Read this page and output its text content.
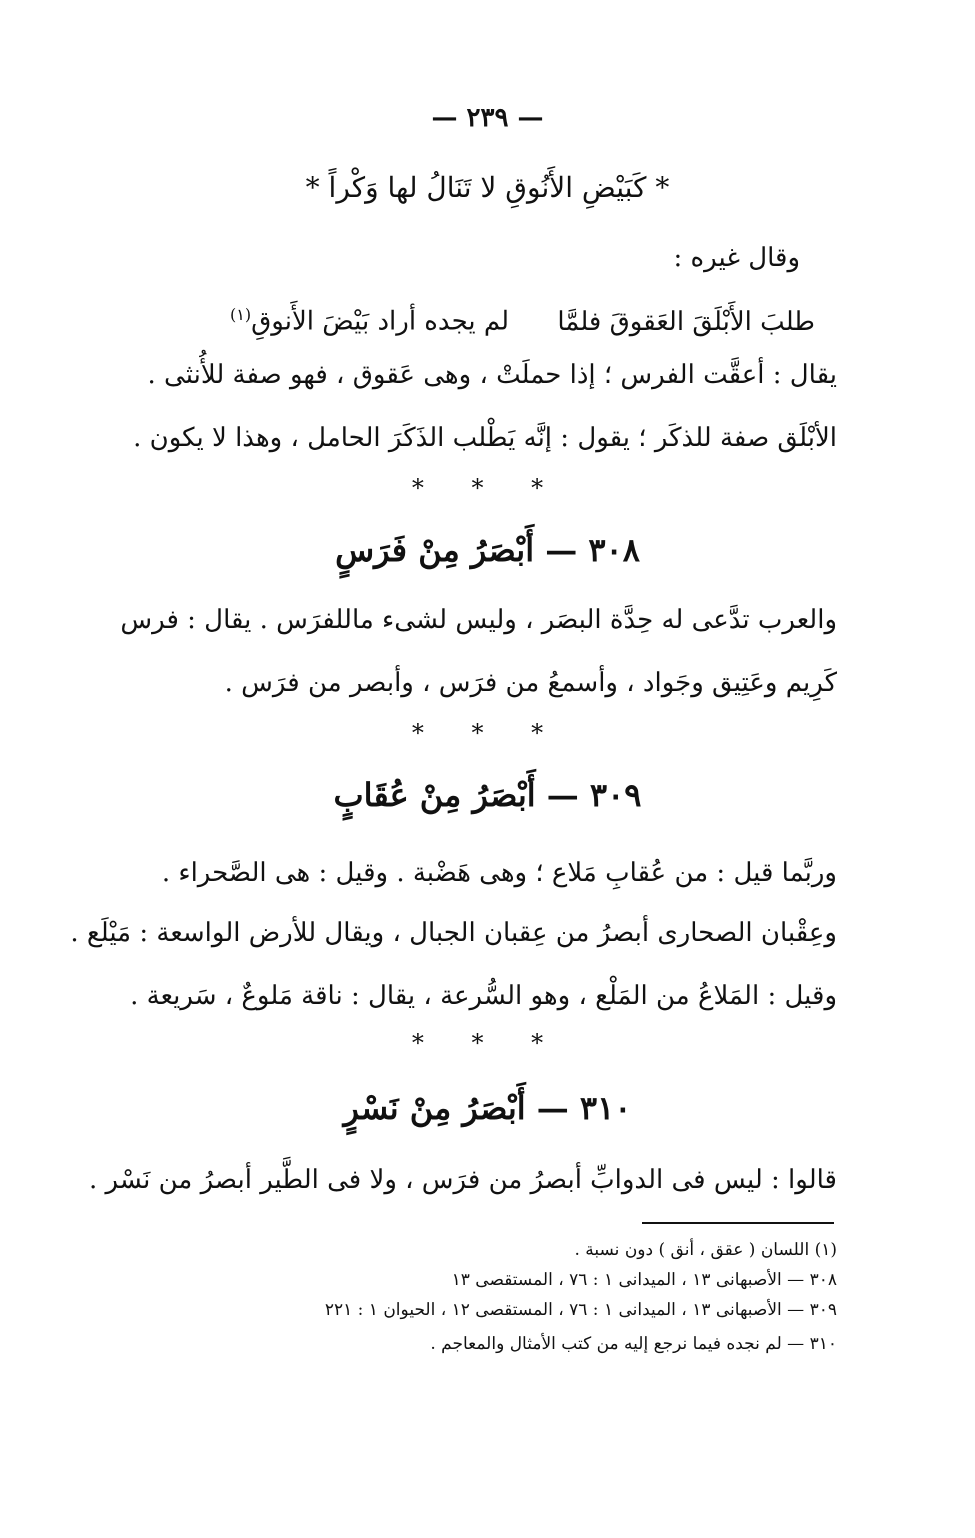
— ٢٣٩ —
* كَبَيْضِ الأَنُوقِ لا تَنَالُ لها وَكْراً *
وقال غيره :
طلبَ الأَبْلَقَ العَقوقَ فلمَّا لم يجده أراد بَيْضَ الأَنوقِ$^{(١)}$
يقال : أعقَّت الفرس ؛ إذا حملَتْ ، وهى عَقوق ، فهو صفة للأُنثى .
الأبْلَق صفة للذكَر ؛ يقول : إنَّه يَطْلب الذَكَرَ الحامل ، وهذا لا يكون .
* * *
٣٠٨ — أَبْصَرُ مِنْ فَرَسٍ
والعرب تدَّعى له حِدَّة البصَر ، وليس لشىء ماللفرَس . يقال : فرس
كَرِيم وعَتِيق وجَواد ، وأسمعُ من فرَس ، وأبصر من فرَس .
* * *
٣٠٩ — أَبْصَرُ مِنْ عُقَابٍ
وربَّما قيل : من عُقابِ مَلاع ؛ وهى هَضْبة . وقيل : هى الصَّحراء .
وعِقْبان الصحارى أبصرُ من عِقبان الجبال ، ويقال للأرض الواسعة : مَيْلَع .
وقيل : المَلاعُ من المَلْع ، وهو السُّرعة ، يقال : ناقة مَلوعٌ ، سَريعة .
* * *
٣١٠ — أَبْصَرُ مِنْ نَسْرٍ
قالوا : ليس فى الدوابِّ أبصرُ من فرَس ، ولا فى الطَّير أبصرُ من نَسْر .
(١) اللسان ( عقق ، أنق ) دون نسبة .
٣٠٨ — الأصبهانى ١٣ ، الميدانى ١ : ٧٦ ، المستقصى ١٣
٣٠٩ — الأصبهانى ١٣ ، الميدانى ١ : ٧٦ ، المستقصى ١٢ ، الحيوان ١ : ٢٢١
٣١٠ — لم نجده فيما نرجع إليه من كتب الأمثال والمعاجم .
